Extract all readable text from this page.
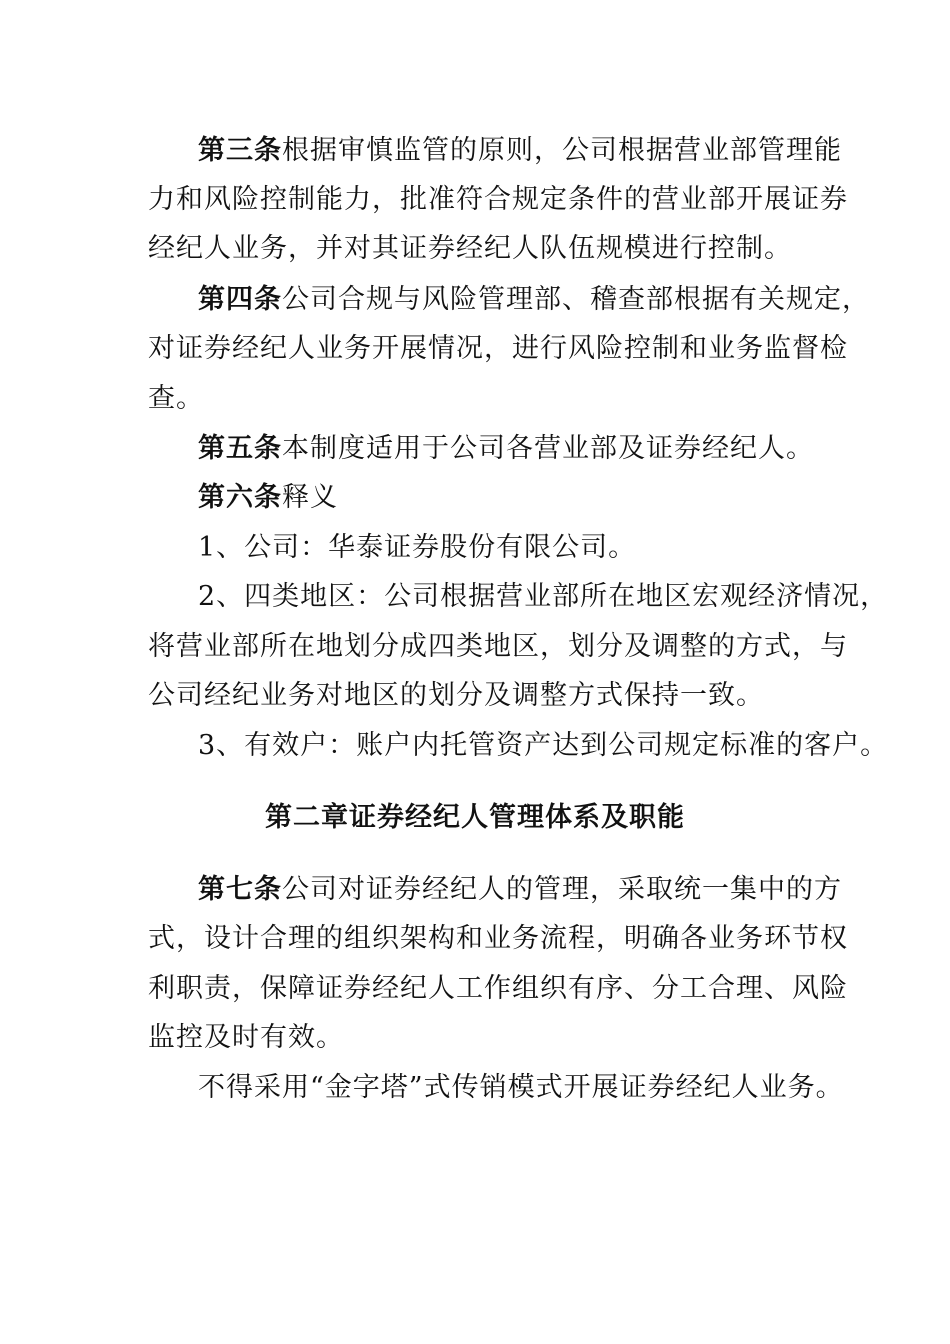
第三条根据审慎监管的原则，公司根据营业部管理能
力和风险控制能力，批准符合规定条件的营业部开展证券
经纪人业务，并对其证券经纪人队伍规模进行控制。
第四条公司合规与风险管理部、稽查部根据有关规定，
对证券经纪人业务开展情况，进行风险控制和业务监督检
查。
第五条本制度适用于公司各营业部及证券经纪人。
第六条释义
1、公司：华泰证券股份有限公司。
2、四类地区：公司根据营业部所在地区宏观经济情况，
将营业部所在地划分成四类地区，划分及调整的方式，与
公司经纪业务对地区的划分及调整方式保持一致。
3、有效户：账户内托管资产达到公司规定标准的客户。
第二章证券经纪人管理体系及职能
第七条公司对证券经纪人的管理，采取统一集中的方
式，设计合理的组织架构和业务流程，明确各业务环节权
利职责，保障证券经纪人工作组织有序、分工合理、风险
监控及时有效。
不得采用“金字塔”式传销模式开展证券经纪人业务。
